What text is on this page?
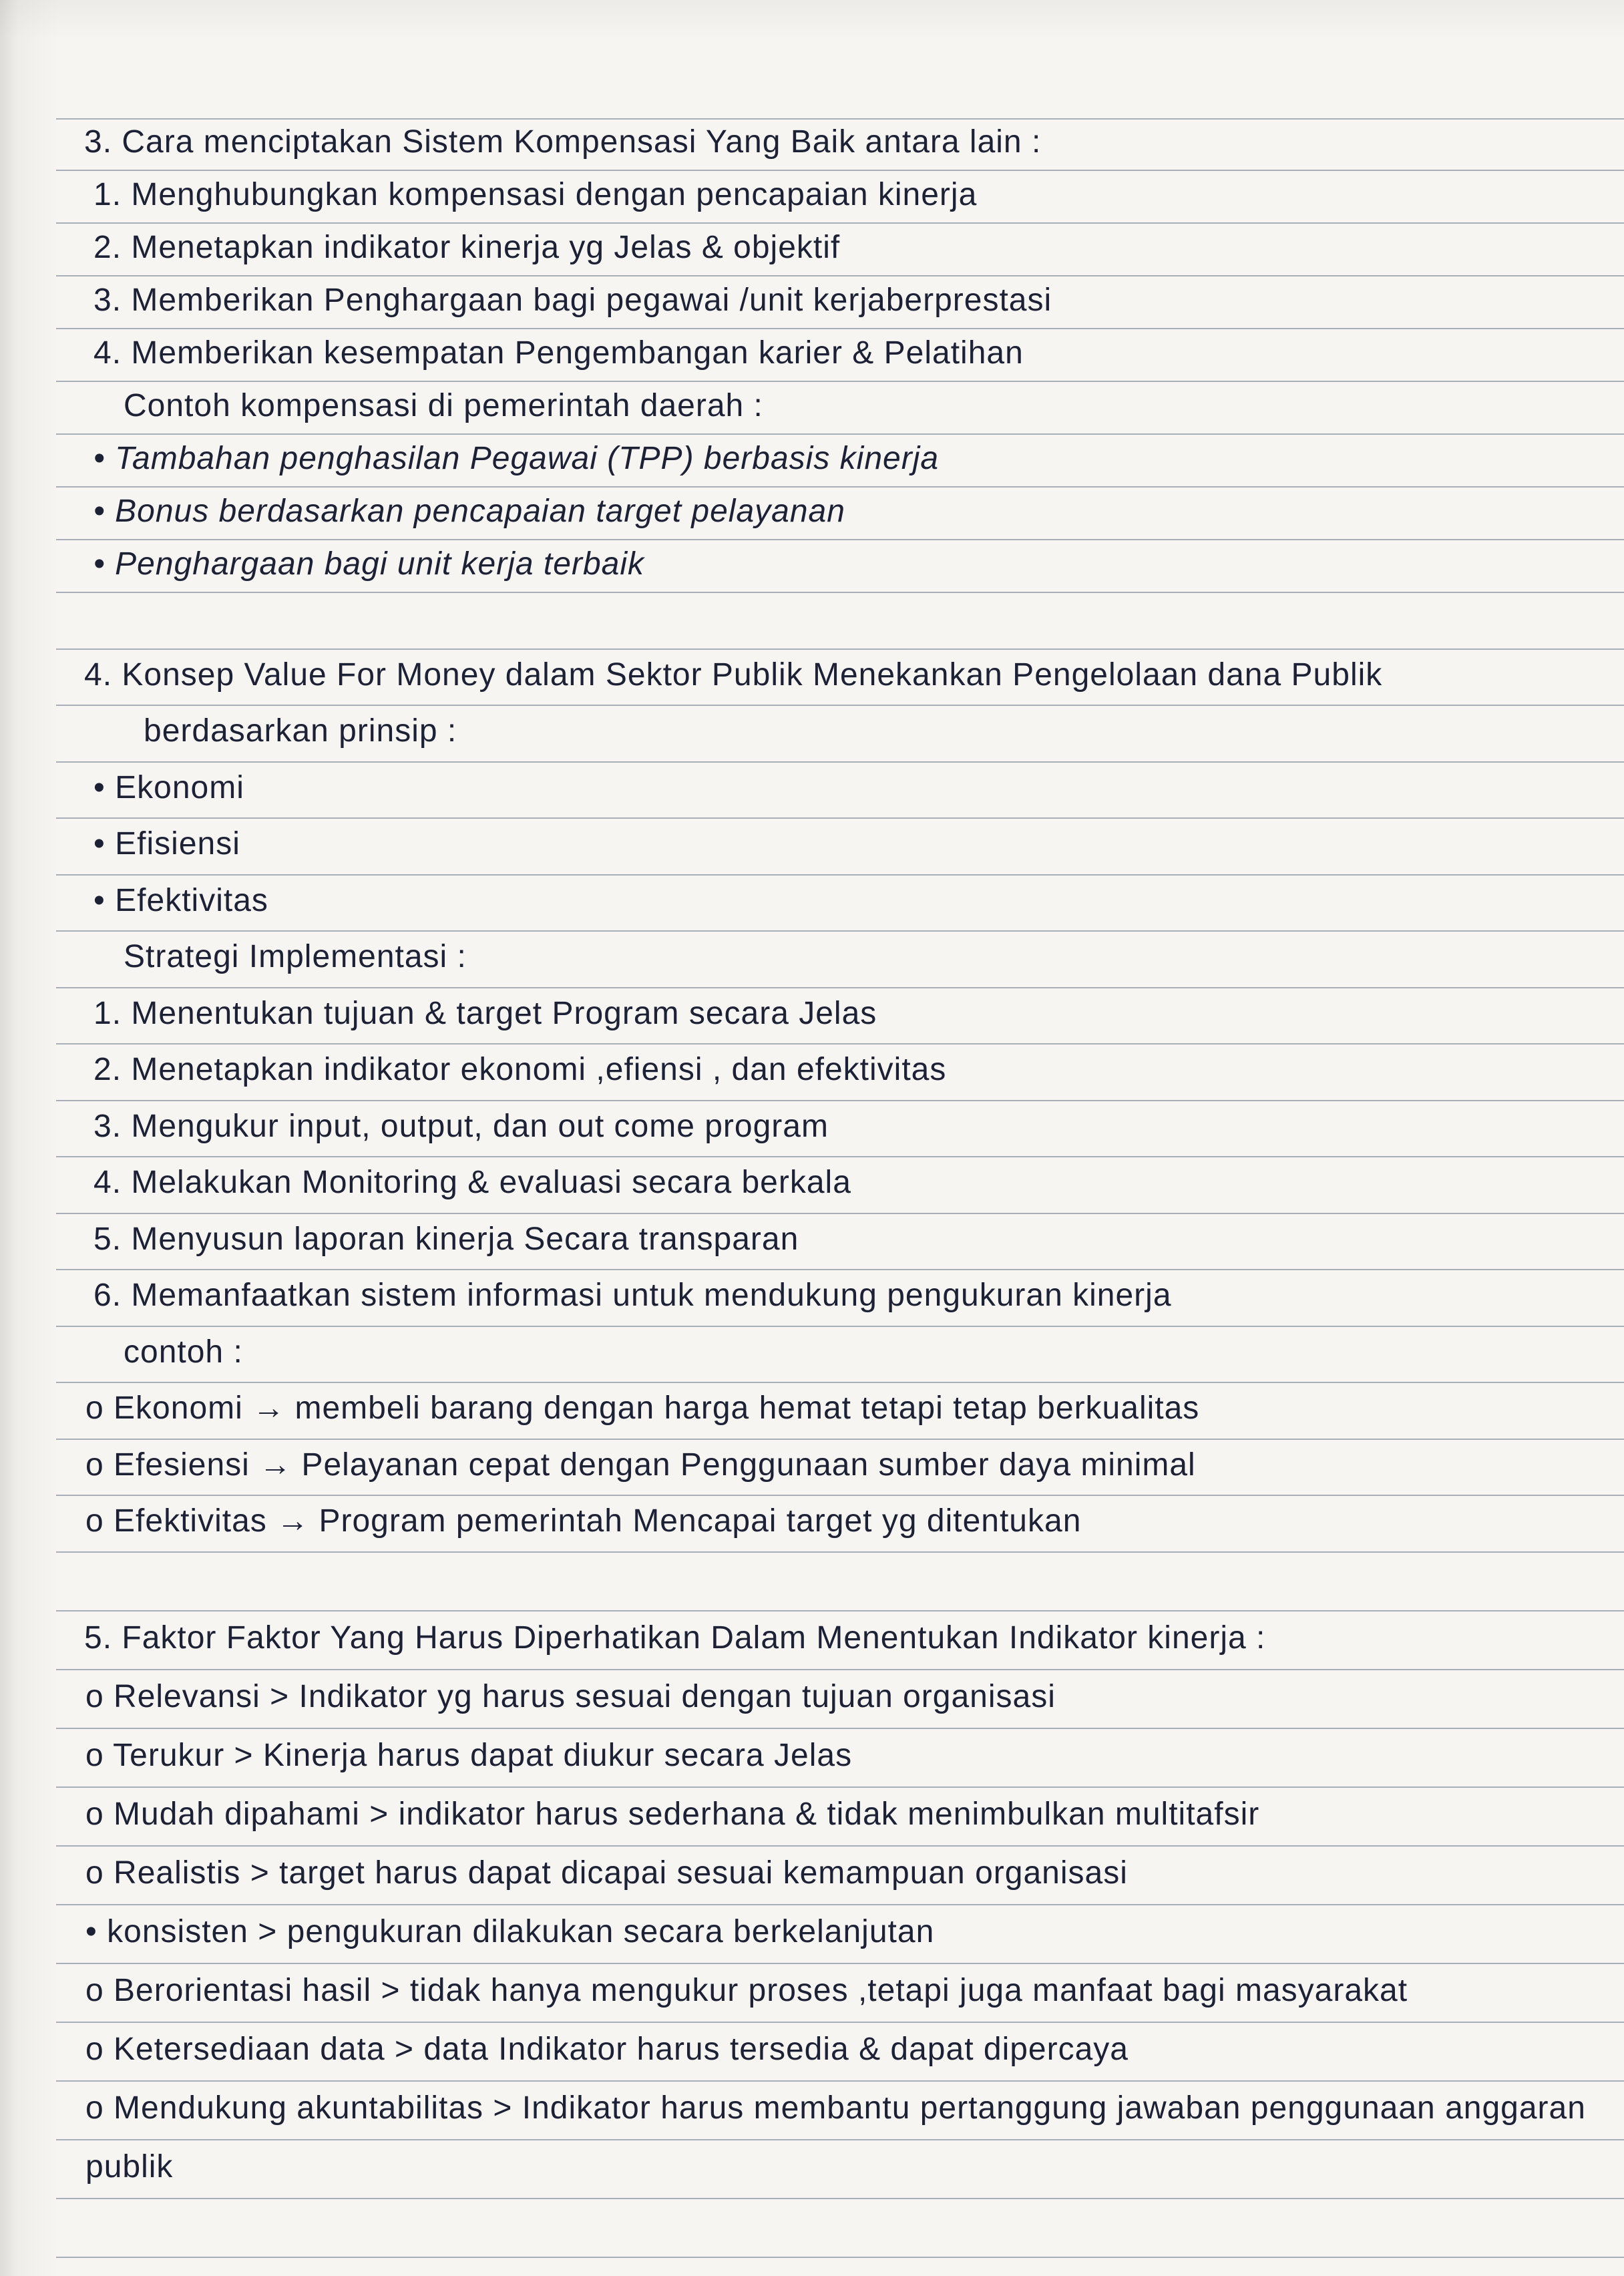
3. Cara menciptakan Sistem Kompensasi Yang Baik antara lain :
1. Menghubungkan kompensasi dengan pencapaian kinerja
2. Menetapkan indikator kinerja yg Jelas & objektif
3. Memberikan Penghargaan bagi pegawai /unit kerjaberprestasi
4. Memberikan kesempatan Pengembangan karier & Pelatihan
Contoh kompensasi di pemerintah daerah :
• Tambahan penghasilan Pegawai (TPP) berbasis kinerja
• Bonus berdasarkan pencapaian target pelayanan
• Penghargaan bagi unit kerja terbaik
4. Konsep Value For Money dalam Sektor Publik Menekankan Pengelolaan dana Publik
berdasarkan prinsip :
• Ekonomi
• Efisiensi
• Efektivitas
Strategi Implementasi :
1. Menentukan tujuan & target Program secara Jelas
2. Menetapkan indikator ekonomi ,efiensi , dan efektivitas
3. Mengukur input, output, dan out come program
4. Melakukan Monitoring & evaluasi secara berkala
5. Menyusun laporan kinerja Secara transparan
6. Memanfaatkan sistem informasi untuk mendukung pengukuran kinerja
contoh :
o Ekonomi → membeli barang dengan harga hemat tetapi tetap berkualitas
o Efesiensi → Pelayanan cepat dengan Penggunaan sumber daya minimal
o Efektivitas → Program pemerintah Mencapai target yg ditentukan
5. Faktor Faktor Yang Harus Diperhatikan Dalam Menentukan Indikator kinerja :
o Relevansi > Indikator yg harus sesuai dengan tujuan organisasi
o Terukur > Kinerja harus dapat diukur secara Jelas
o Mudah dipahami > indikator harus sederhana & tidak menimbulkan multitafsir
o Realistis > target harus dapat dicapai sesuai kemampuan organisasi
• konsisten > pengukuran dilakukan secara berkelanjutan
o Berorientasi hasil > tidak hanya mengukur proses ,tetapi juga manfaat bagi masyarakat
o Ketersediaan data > data Indikator harus tersedia & dapat dipercaya
o Mendukung akuntabilitas > Indikator harus membantu pertanggung jawaban penggunaan anggaran
publik
